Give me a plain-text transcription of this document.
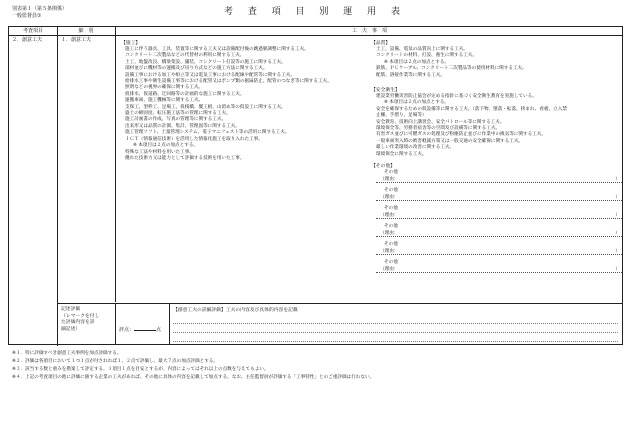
別表第１（第５条関係）
一般監督員①	考 査 項 目 別 運 用 表
考査項目	細　別	工　夫　事　項
２．創意工夫	１．創意工夫
【施工】
施工に伴う器具、工具、装置等に関する工夫又は設備配付後の跳過躯調整に関する工夫。
コンクリート二次製品などの代替材の利用に関する工夫。
土工、地盤改良、橋梁架設、舗装、コンクリート打設等の施工に関する工夫。
部材並びに機材等の運搬及び吊り方式などの施工方法に関する工夫。
設備工事における加工や組立等又は電気工事における配線や配管等に関する工夫。
給排水工事や衛生設備工事等における配管又はポンプ類の据扁防止、配管のつなぎ等に関する工夫。
照明などの視界の確保に関する工夫。
仮排水、仮道路、迂回路等の計画的な施工に関する工夫。
運搬車両、施工機械等に関する工夫。
支保工、型枠工、足場工、仮桟橋、覆工板、山留め等の仮設工に関する工夫。
盛土の締固度、転圧施工法等の管理に関する工夫。
施工計画書の作成、写真の管理等に関する工夫。
出来形又は品質の計測、集計、管理図等に関する工夫。
施工管理ソフト、土量管理システム、電子マニフェスト等の活用に関する工夫。
ＩＣＴ（情報通信技術）を活用した情報化施工を取り入れた工事。
※ 本項目は２点の加点とする。
特殊な工法や材料を用いた工事。
優れた技術力又は能力として評価する技術を用いた工事。
【品質】
土工、設備、電気の品質向上に関する工夫。
コンクリートの材料、打設、養生に関する工夫。
※ 本項目は２点の加点とする。
鉄筋、ＰＣケーブル、コンクリート二次製品等の使用材料に関する工夫。
配筋、溶接作業等に関する工夫。
【安全衛生】
建設業労働災害防止協会が定める指針に基づく安全衛生教育を実施している。
※ 本項目は２点の加点とする。
安全を確保するための仮設備等に関する工夫。（落下物、墜落・転落、挟まれ、看板、立入禁
止柵、手摺り、足場等）
安全教育、技術向上講習会、安全パトロール等に関する工夫。
環境保全等、労務者宿舎等の空間及び設備等に関する工夫。
有害ガス並びに可燃ガスの処理及び粉塵防止並びに作業中の換気等に関する工夫。
一般車両突入時の被害軽減方策又は一般交通の安全確保に関する工夫。
厳しい作業環境の改善に関する工夫。
環境保全に関する工夫。
【その他】
その他
（理由：	）
その他
（理由：	）
その他
（理由：	）
その他
（理由：	）
その他
（理由：	）
その他
（理由：	）
記述評価
（レマークを付し
た評価内容を詳
細記述）	評点：	点
【創意工夫の詳細評価】工夫の内容及び具体的内容を記載
※１．特に評価すべき創意工夫事例を加点評価する。
※２．評価は各項目において１つ１点が付されれば１、２点で評価し、最大７点の加点評価とする。
※３．該当する数と重みを勘案して評定する。１項目１点を目安とするが、内容によってはそれ以上の点数を与えてもよい。
※４．上記の考査項目の他に評価に値する企業の工夫があれば、その他に具体の内容を記載して加点する。なお、主任監督員が評価する「工事特性」とのご重評価は行わない。
